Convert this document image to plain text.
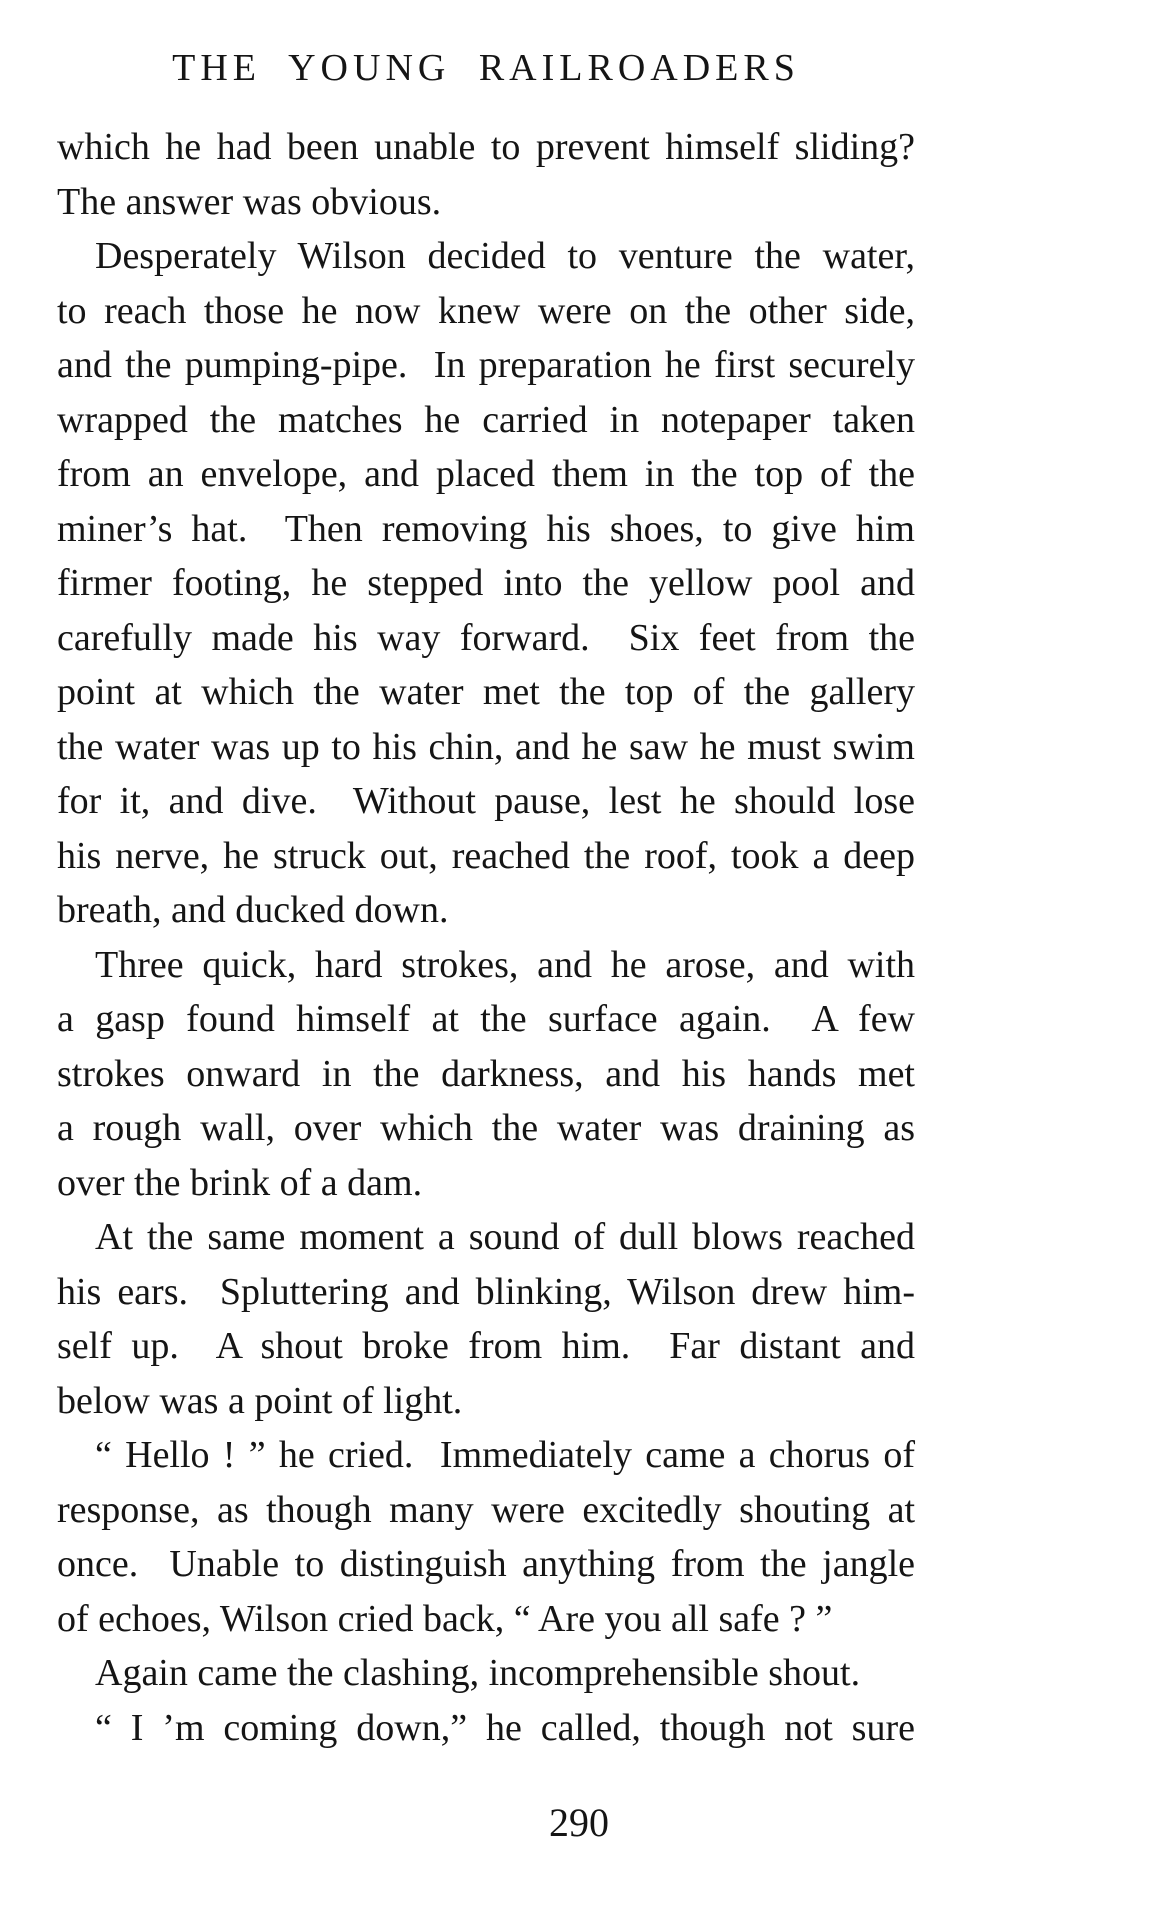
THE YOUNG RAILROADERS
which he had been unable to prevent himself sliding?
The answer was obvious.
Desperately Wilson decided to venture the water,
to reach those he now knew were on the other side,
and the pumping-pipe.  In preparation he first securely
wrapped the matches he carried in notepaper taken
from an envelope, and placed them in the top of the
miner’s hat.  Then removing his shoes, to give him
firmer footing, he stepped into the yellow pool and
carefully made his way forward.  Six feet from the
point at which the water met the top of the gallery
the water was up to his chin, and he saw he must swim
for it, and dive.  Without pause, lest he should lose
his nerve, he struck out, reached the roof, took a deep
breath, and ducked down.
Three quick, hard strokes, and he arose, and with
a gasp found himself at the surface again.  A few
strokes onward in the darkness, and his hands met
a rough wall, over which the water was draining as
over the brink of a dam.
At the same moment a sound of dull blows reached
his ears.  Spluttering and blinking, Wilson drew him-
self up.  A shout broke from him.  Far distant and
below was a point of light.
“ Hello ! ” he cried.  Immediately came a chorus of
response, as though many were excitedly shouting at
once.  Unable to distinguish anything from the jangle
of echoes, Wilson cried back, “ Are you all safe ? ”
Again came the clashing, incomprehensible shout.
“ I ’m coming down,” he called, though not sure
290
